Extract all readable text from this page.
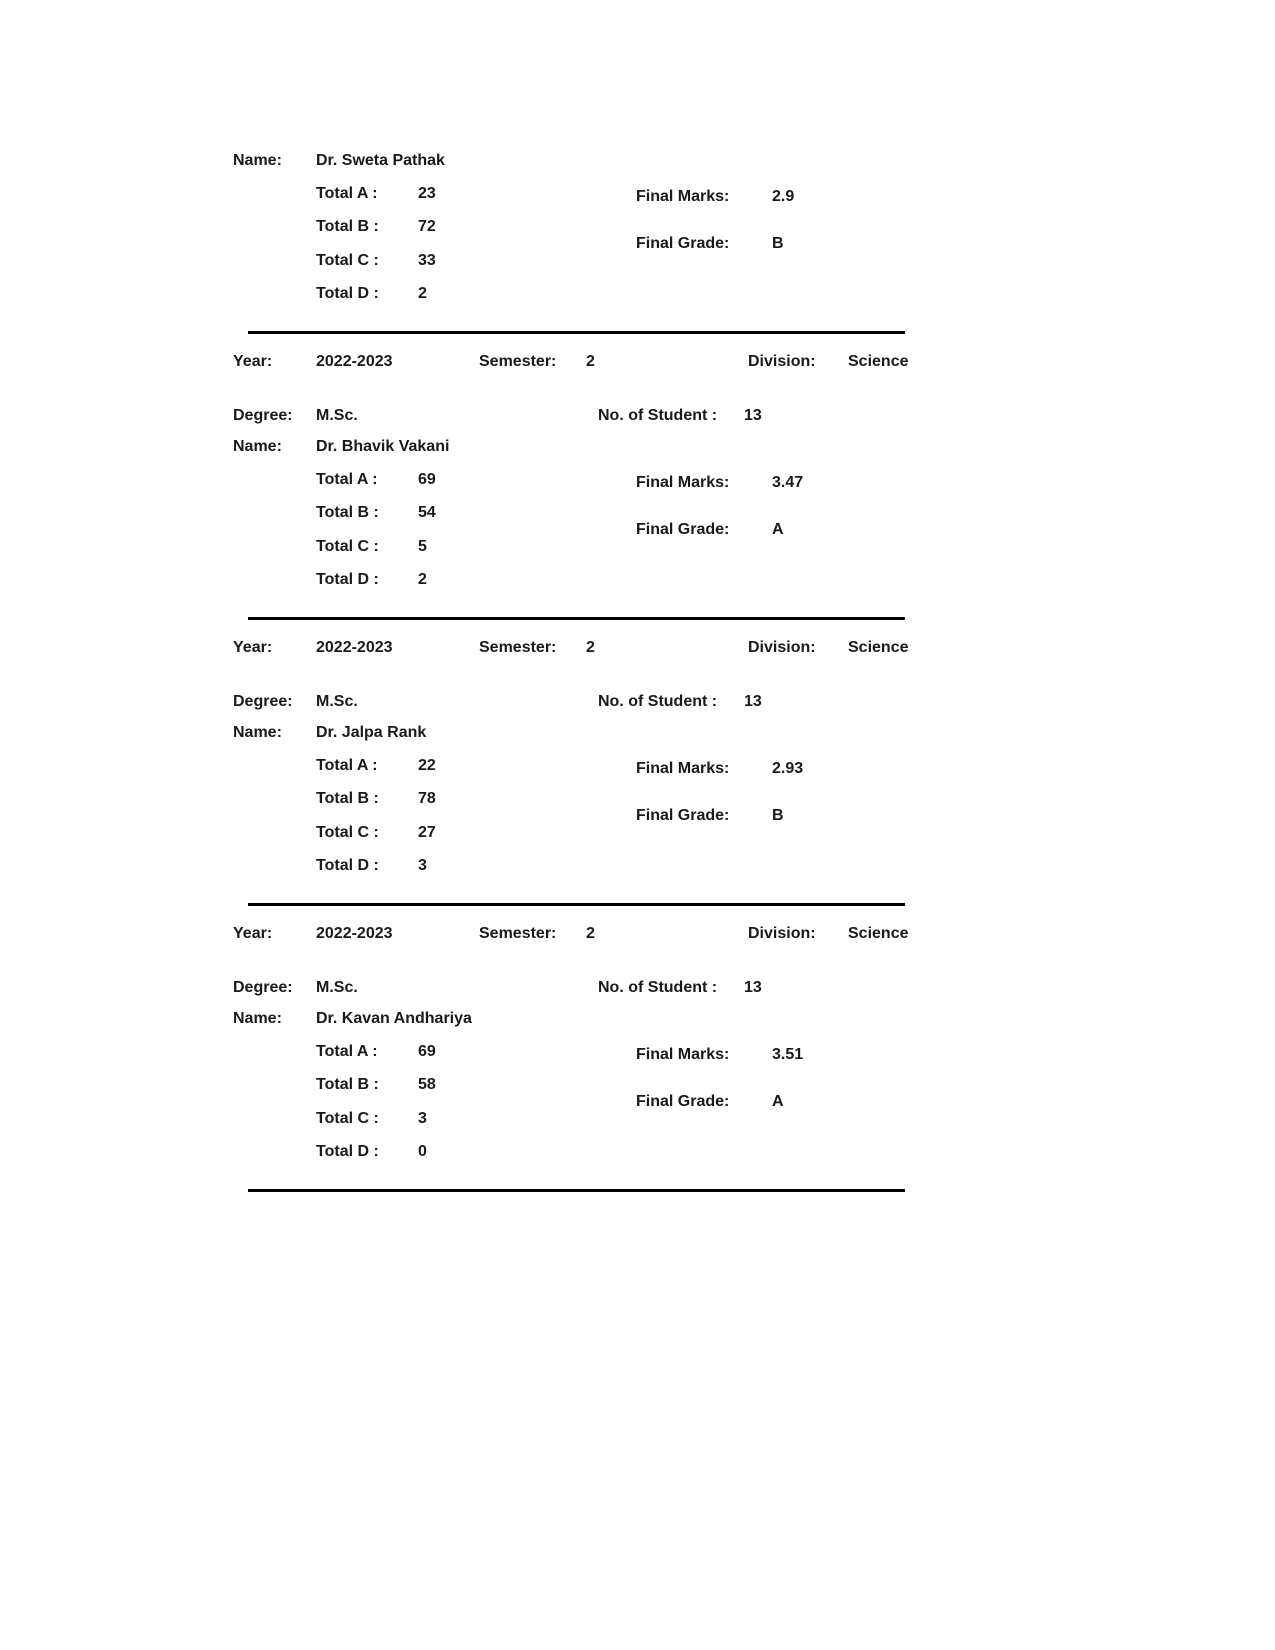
Name: Dr. Sweta Pathak
Total A :	23
Total B : 72
Total C : 33
Total D : 2
Final Marks:	2.9
Final Grade:	B
Year:	2022-2023	Semester: 2	Division: Science
Degree: M.Sc.	No. of Student : 13
Name: Dr. Bhavik Vakani
Total A :	69
Total B : 54
Total C : 5
Total D : 2
Final Marks:	3.47
Final Grade:	A
Year:	2022-2023	Semester: 2	Division: Science
Degree: M.Sc.	No. of Student : 13
Name: Dr. Jalpa Rank
Total A :	22
Total B : 78
Total C : 27
Total D : 3
Final Marks:	2.93
Final Grade:	B
Year:	2022-2023	Semester: 2	Division: Science
Degree: M.Sc.	No. of Student : 13
Name: Dr. Kavan Andhariya
Total A :	69
Total B : 58
Total C : 3
Total D : 0
Final Marks:	3.51
Final Grade:	A
